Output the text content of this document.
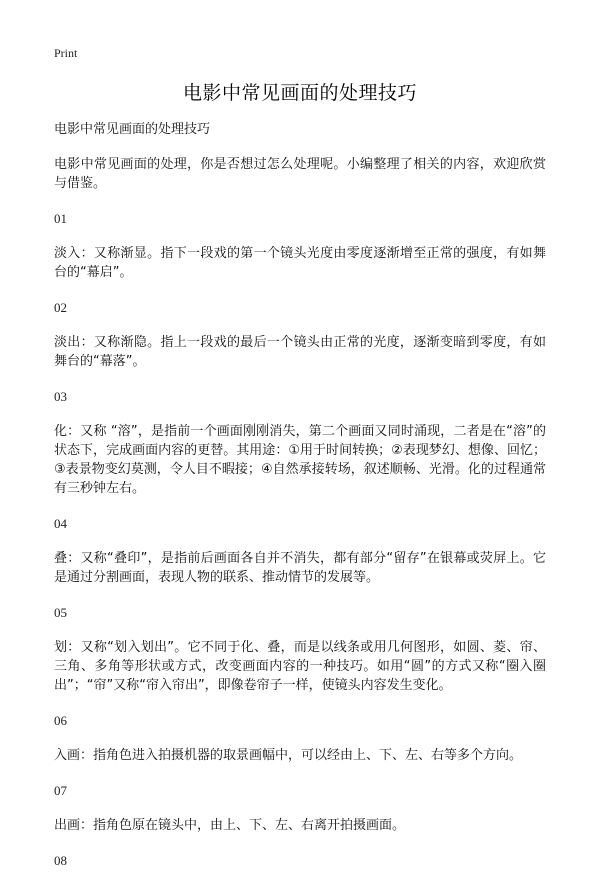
Print
电影中常见画面的处理技巧

电影中常见画面的处理技巧

电影中常见画面的处理，你是否想过怎么处理呢。小编整理了相关的内容，欢迎欣赏与借鉴。

01

淡入：又称渐显。指下一段戏的第一个镜头光度由零度逐渐增至正常的强度，有如舞台的“幕启”。

02

淡出：又称渐隐。指上一段戏的最后一个镜头由正常的光度，逐渐变暗到零度，有如舞台的“幕落”。

03

化：又称 “溶”，是指前一个画面刚刚消失，第二个画面又同时涌现，二者是在“溶”的状态下，完成画面内容的更替。其用途：①用于时间转换；②表现梦幻、想像、回忆；③表景物变幻莫测，令人目不暇接；④自然承接转场，叙述顺畅、光滑。化的过程通常有三秒钟左右。

04

叠：又称“叠印”，是指前后画面各自并不消失，都有部分“留存”在银幕或荧屏上。它是通过分割画面，表现人物的联系、推动情节的发展等。

05

划：又称“划入划出”。它不同于化、叠，而是以线条或用几何图形，如圆、菱、帘、三角、多角等形状或方式，改变画面内容的一种技巧。如用“圆”的方式又称“圈入圈出”；“帘”又称“帘入帘出”，即像卷帘子一样，使镜头内容发生变化。

06

入画：指角色进入拍摄机器的取景画幅中，可以经由上、下、左、右等多个方向。

07

出画：指角色原在镜头中，由上、下、左、右离开拍摄画面。

08
